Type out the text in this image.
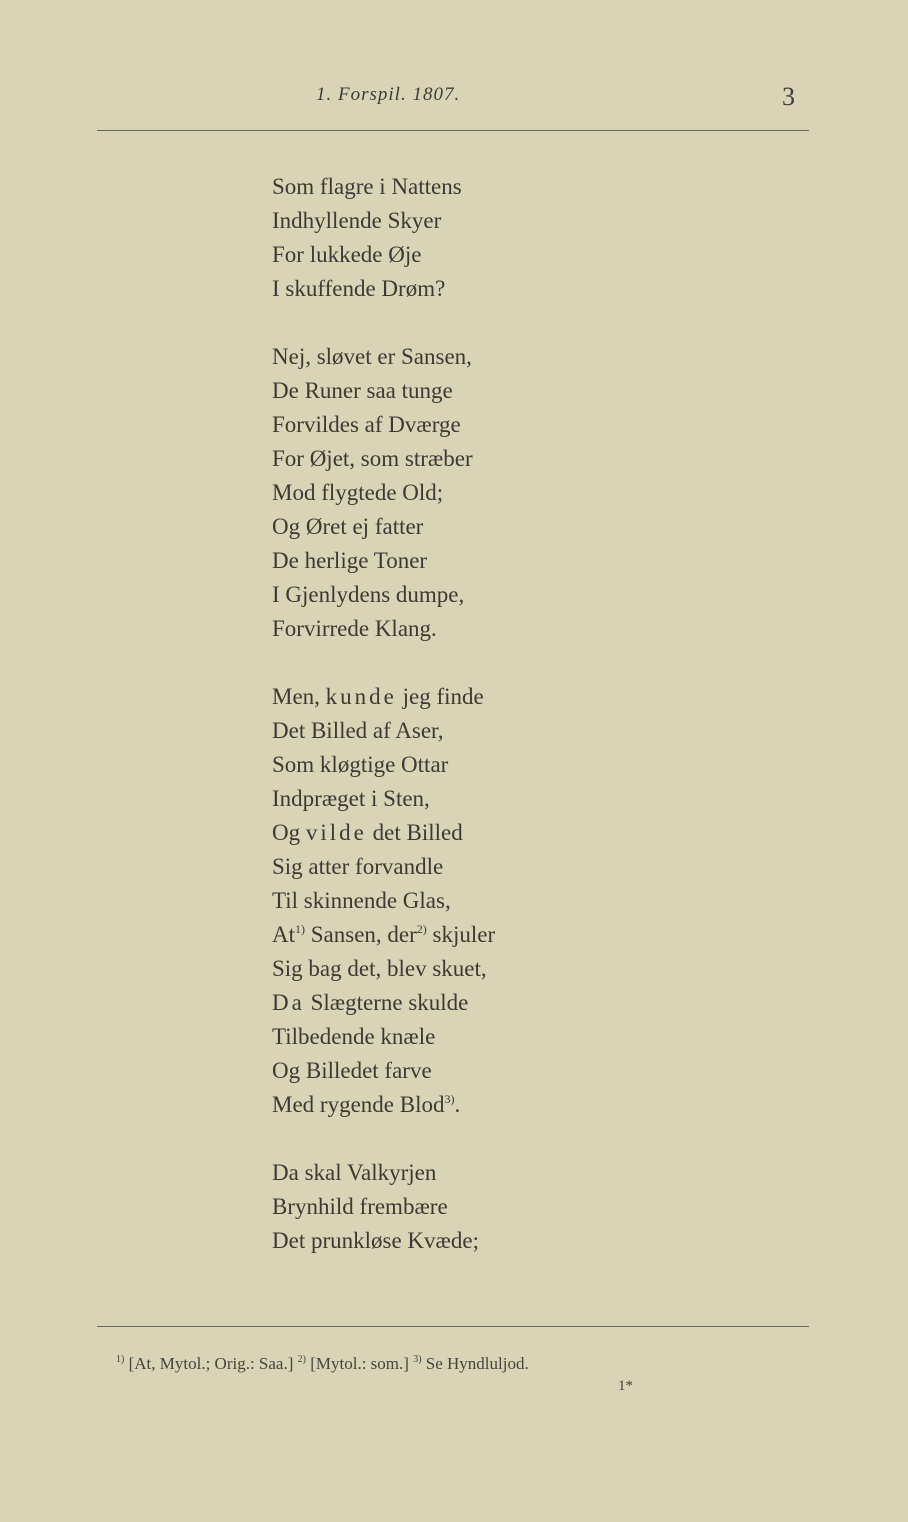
1. Forspil. 1807.	3
Som flagre i Nattens
Indhyllende Skyer
For lukkede Øje
I skuffende Drøm?
Nej, sløvet er Sansen,
De Runer saa tunge
Forvildes af Dværge
For Øjet, som stræber
Mod flygtede Old;
Og Øret ej fatter
De herlige Toner
I Gjenlydens dumpe,
Forvirrede Klang.
Men, kunde jeg finde
Det Billed af Aser,
Som kløgtige Ottar
Indpræget i Sten,
Og vilde det Billed
Sig atter forvandle
Til skinnende Glas,
At$^{1)}$ Sansen, der$^{2)}$ skjuler
Sig bag det, blev skuet,
Da Slægterne skulde
Tilbedende knæle
Og Billedet farve
Med rygende Blod$^{3)}$.
Da skal Valkyrjen
Brynhild frembære
Det prunkløse Kvæde;
$^{1)}$ [At, Mytol.; Orig.: Saa.] $^{2)}$ [Mytol.: som.] $^{3)}$ Se Hyndluljod.
1*
